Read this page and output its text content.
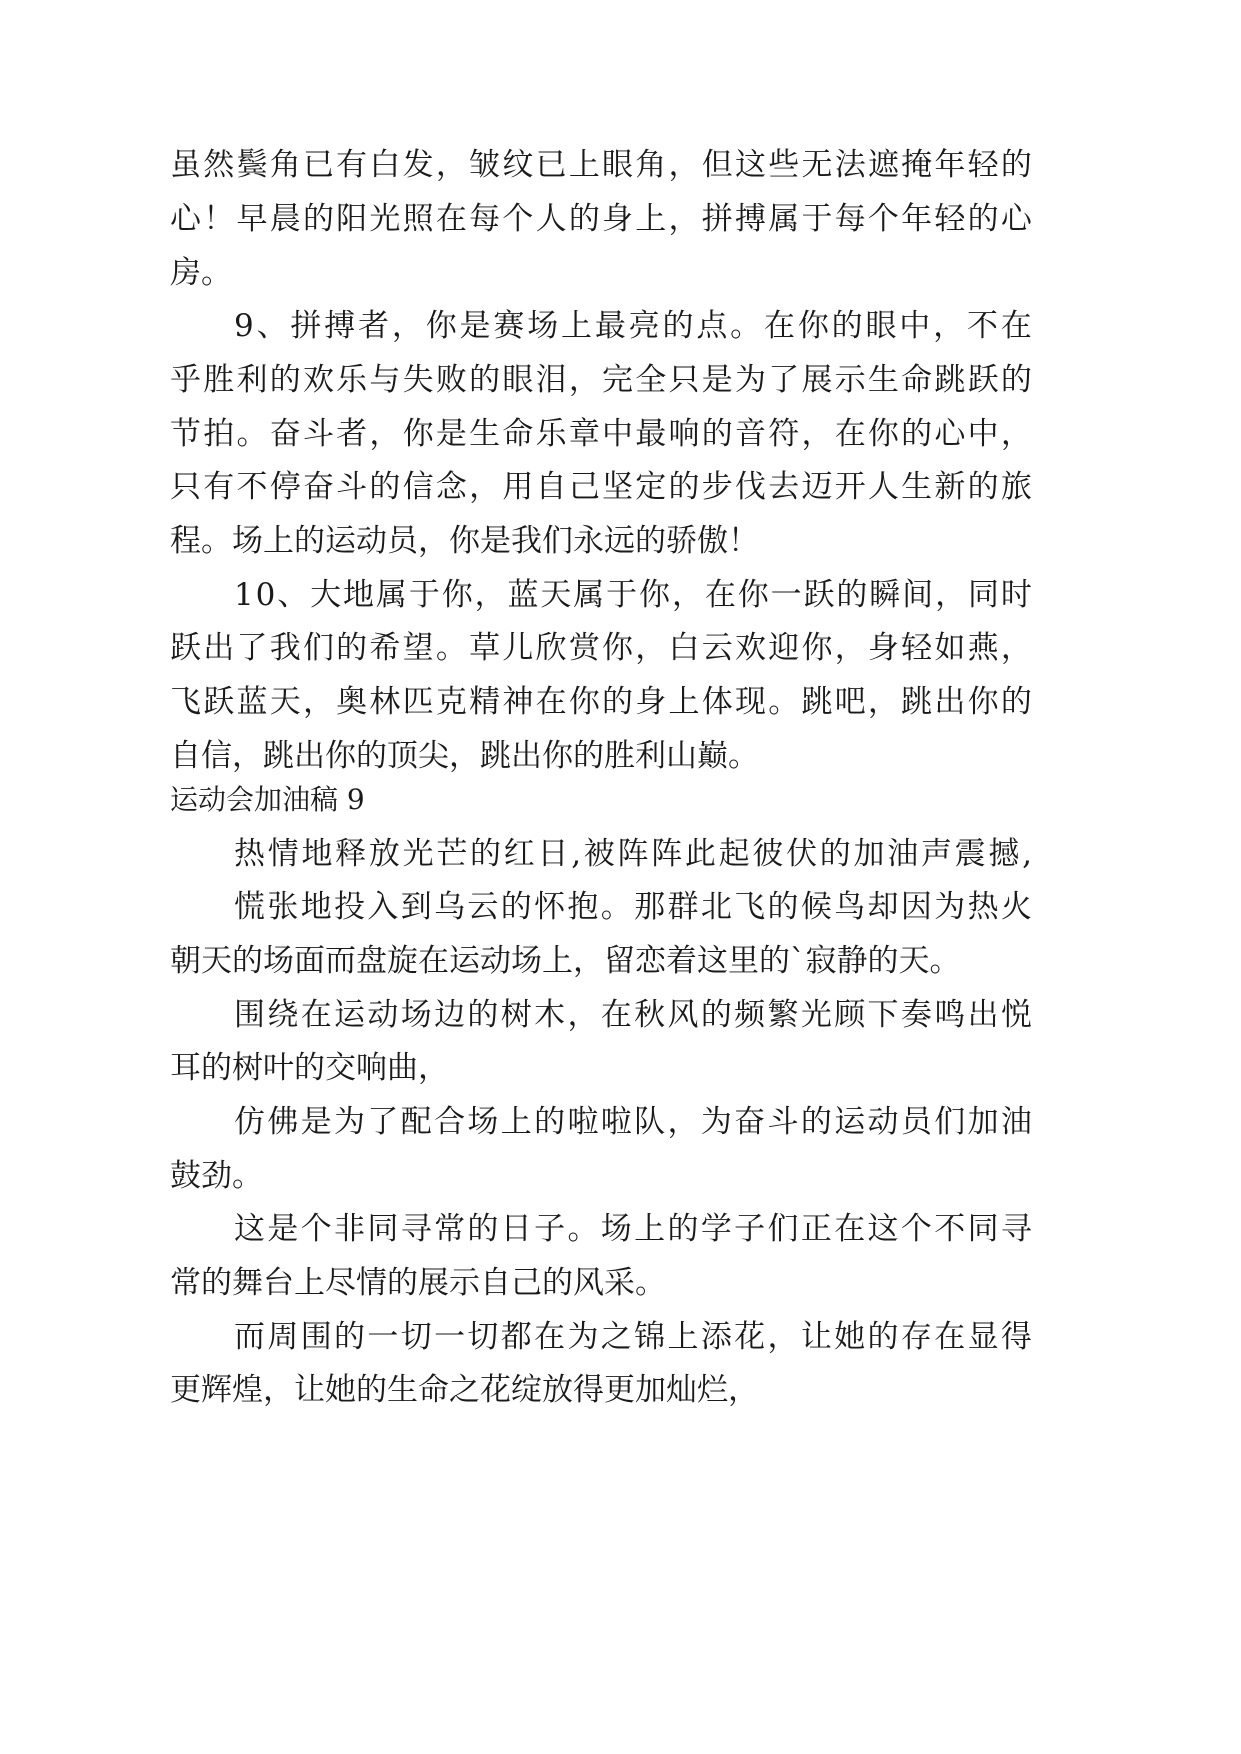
虽 然 鬓 角 已 有 白 发 ， 皱 纹 已 上 眼 角 ， 但 这 些 无 法 遮 掩 年 轻 的
心 ！ 早 晨 的 阳 光 照 在 每 个 人 的 身 上 ， 拼 搏 属 于 每 个 年 轻 的 心
房。
9 、 拼 搏 者 ， 你 是 赛 场 上 最 亮 的 点 。 在 你 的 眼 中 ， 不 在
乎 胜 利 的 欢 乐 与 失 败 的 眼 泪 ， 完 全 只 是 为 了 展 示 生 命 跳 跃 的
节 拍 。 奋 斗 者 ， 你 是 生 命 乐 章 中 最 响 的 音 符 ， 在 你 的 心 中 ，
只 有 不 停 奋 斗 的 信 念 ， 用 自 己 坚 定 的 步 伐 去 迈 开 人 生 新 的 旅
程。场上的运动员，你是我们永远的骄傲！
1 0 、 大 地 属 于 你 ， 蓝 天 属 于 你 ， 在 你 一 跃 的 瞬 间 ， 同 时
跃 出 了 我 们 的 希 望 。 草 儿 欣 赏 你 ， 白 云 欢 迎 你 ， 身 轻 如 燕 ，
飞 跃 蓝 天 ， 奥 林 匹 克 精 神 在 你 的 身 上 体 现 。 跳 吧 ， 跳 出 你 的
自信，跳出你的顶尖，跳出你的胜利山巅。
运动会加油稿 9
热 情 地 释 放 光 芒 的 红 日 , 被 阵 阵 此 起 彼 伏 的 加 油 声 震 撼 ,
慌 张 地 投 入 到 乌 云 的 怀 抱 。 那 群 北 飞 的 候 鸟 却 因 为 热 火
朝天的场面而盘旋在运动场上，留恋着这里的`寂静的天。
围 绕 在 运 动 场 边 的 树 木 ， 在 秋 风 的 频 繁 光 顾 下 奏 鸣 出 悦
耳的树叶的交响曲，
仿 佛 是 为 了 配 合 场 上 的 啦 啦 队 ， 为 奋 斗 的 运 动 员 们 加 油
鼓劲。
这 是 个 非 同 寻 常 的 日 子 。 场 上 的 学 子 们 正 在 这 个 不 同 寻
常的舞台上尽情的展示自己的风采。
而 周 围 的 一 切 一 切 都 在 为 之 锦 上 添 花 ， 让 她 的 存 在 显 得
更辉煌，让她的生命之花绽放得更加灿烂，
